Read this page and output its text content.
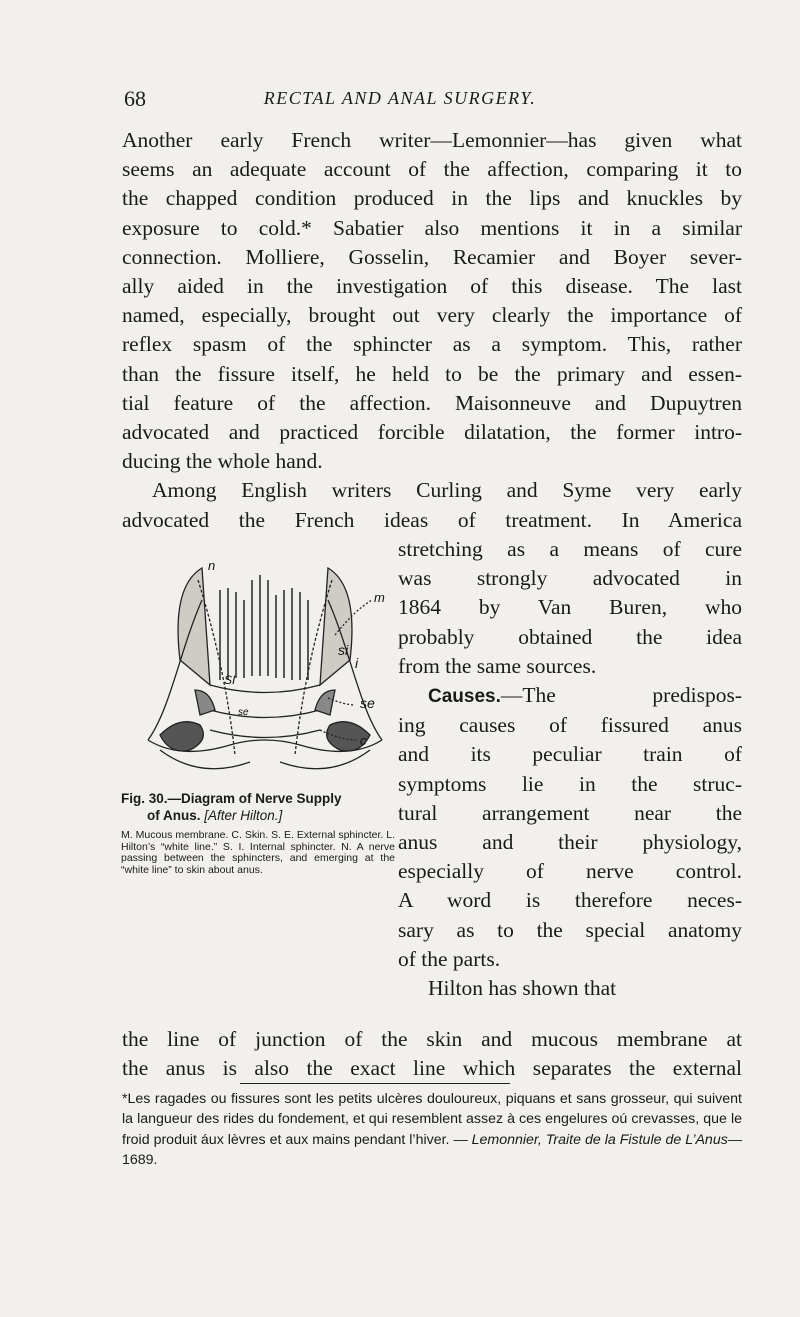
68	RECTAL AND ANAL SURGERY.

Another early French writer—Lemonnier—has given what

seems an adequate account of the affection, comparing it to

the chapped condition produced in the lips and knuckles by

exposure to cold.* Sabatier also mentions it in a similar

connection. Molliere, Gosselin, Recamier and Boyer sever-

ally aided in the investigation of this disease. The last

named, especially, brought out very clearly the importance of

reflex spasm of the sphincter as a symptom. This, rather

than the fissure itself, he held to be the primary and essen-

tial feature of the affection. Maisonneuve and Dupuytren

advocated and practiced forcible dilatation, the former intro-

ducing the whole hand.

Among English writers Curling and Syme very early

advocated the French ideas of treatment. In America

stretching as a means of cure

was strongly advocated in

1864 by Van Buren, who

probably obtained the idea

from the same sources.

Causes.—The predispos-

ing causes of fissured anus

and its peculiar train of

symptoms lie in the struc-

tural arrangement near the

anus and their physiology,

especially of nerve control.

A word is therefore neces-

sary as to the special anatomy

of the parts.

Hilton has shown that

n
m
SI
si
i
se
se
c

Fig. 30.—Diagram of Nerve Supply
of Anus. [After Hilton.]

M. Mucous membrane. C. Skin. S. E. External sphincter. L. Hilton’s “white line.” S. I. Internal sphincter. N. A nerve passing between the sphincters, and emerging at the “white line” to skin about anus.

the line of junction of the skin and mucous membrane at

the anus is also the exact line which separates the external

*Les ragades ou fissures sont les petits ulcères douloureux, piquans et sans grosseur, qui suivent la langueur des rides du fondement, et qui resemblent assez à ces engelures oú crevasses, que le froid produit áux lèvres et aux mains pendant l’hiver. — Lemonnier, Traite de la Fistule de L’Anus—1689.
